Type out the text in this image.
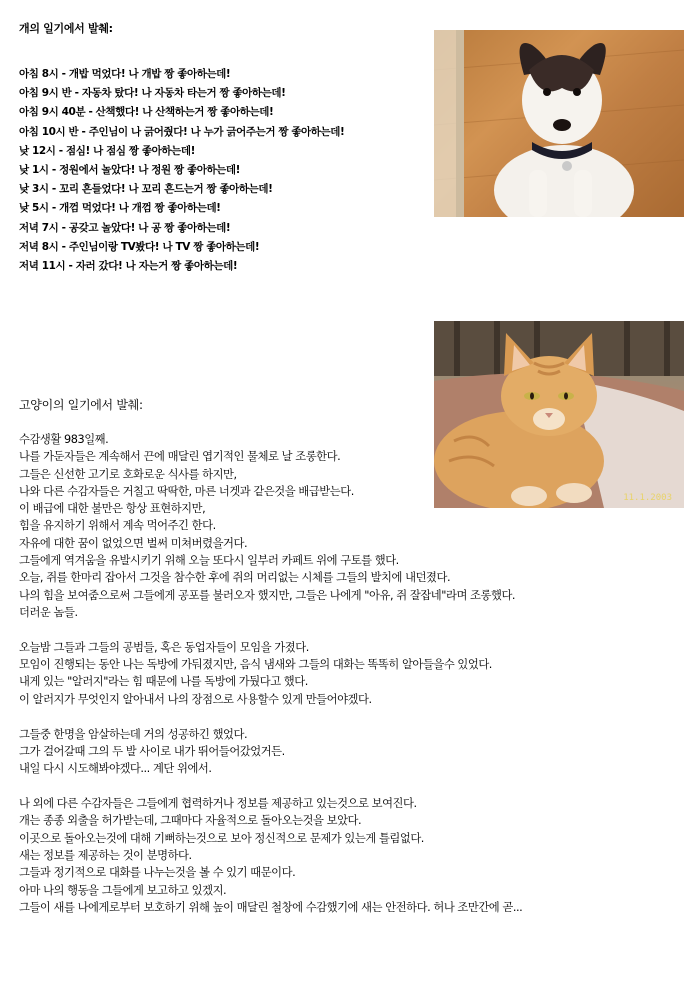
개의 일기에서 발췌:
아침 8시 - 개밥 먹었다! 나 개밥 짱 좋아하는데!
아침 9시 반 - 자동차 탔다! 나 자동차 타는거 짱 좋아하는데!
아침 9시 40분 - 산책했다! 나 산책하는거 짱 좋아하는데!
아침 10시 반 - 주인님이 나 긁어줬다! 나 누가 긁어주는거 짱 좋아하는데!
낮 12시 - 점심! 나 점심 짱 좋아하는데!
낮 1시 - 정원에서 놀았다! 나 정원 짱 좋아하는데!
낮 3시 - 꼬리 흔들었다! 나 꼬리 흔드는거 짱 좋아하는데!
낮 5시 - 개껌 먹었다! 나 개껌 짱 좋아하는데!
저녁 7시 - 공갖고 놀았다! 나 공 짱 좋아하는데!
저녁 8시 - 주인님이랑 TV봤다! 나 TV 짱 좋아하는데!
저녁 11시 - 자러 갔다! 나 자는거 짱 좋아하는데!
11.1.2003
고양이의 일기에서 발췌:
수감생활 983일째.
나를 가둔자들은 계속해서 끈에 매달린 엽기적인 물체로 날 조롱한다.
그들은 신선한 고기로 호화로운 식사를 하지만,
나와 다른 수감자들은 거칠고 딱딱한, 마른 너겟과 같은것을 배급받는다.
이 배급에 대한 불만은 항상 표현하지만,
힘을 유지하기 위해서 계속 먹어주긴 한다.
자유에 대한 꿈이 없었으면 벌써 미쳐버렸을거다.
그들에게 역겨움을 유발시키기 위해 오늘 또다시 일부러 카페트 위에 구토를 했다.
오늘, 쥐를 한마리 잡아서 그것을 참수한 후에 쥐의 머리없는 시체를 그들의 발치에 내던졌다.
나의 힘을 보여줌으로써 그들에게 공포를 불러오자 했지만, 그들은 나에게 "아유, 쥐 잘잡네"라며 조롱했다.
더러운 놈들.
오늘밤 그들과 그들의 공범들, 혹은 동업자들이 모임을 가졌다.
모임이 진행되는 동안 나는 독방에 가둬졌지만, 음식 냄새와 그들의 대화는 똑똑히 알아들을수 있었다.
내게 있는 "알러지"라는 힘 때문에 나를 독방에 가뒀다고 했다.
이 알러지가 무엇인지 알아내서 나의 장점으로 사용할수 있게 만들어야겠다.
그들중 한명을 암살하는데 거의 성공하긴 했었다.
그가 걸어갈때 그의 두 발 사이로 내가 뛰어들어갔었거든.
내일 다시 시도해봐야겠다... 계단 위에서.
나 외에 다른 수감자들은 그들에게 협력하거나 정보를 제공하고 있는것으로 보여진다.
개는 종종 외출을 허가받는데, 그때마다 자율적으로 돌아오는것을 보았다.
이곳으로 돌아오는것에 대해 기뻐하는것으로 보아 정신적으로 문제가 있는게 틀림없다.
새는 정보를 제공하는 것이 분명하다.
그들과 정기적으로 대화를 나누는것을 볼 수 있기 때문이다.
아마 나의 행동을 그들에게 보고하고 있겠지.
그들이 새를 나에게로부터 보호하기 위해 높이 매달린 철창에 수감했기에 새는 안전하다. 허나 조만간에 곧...
